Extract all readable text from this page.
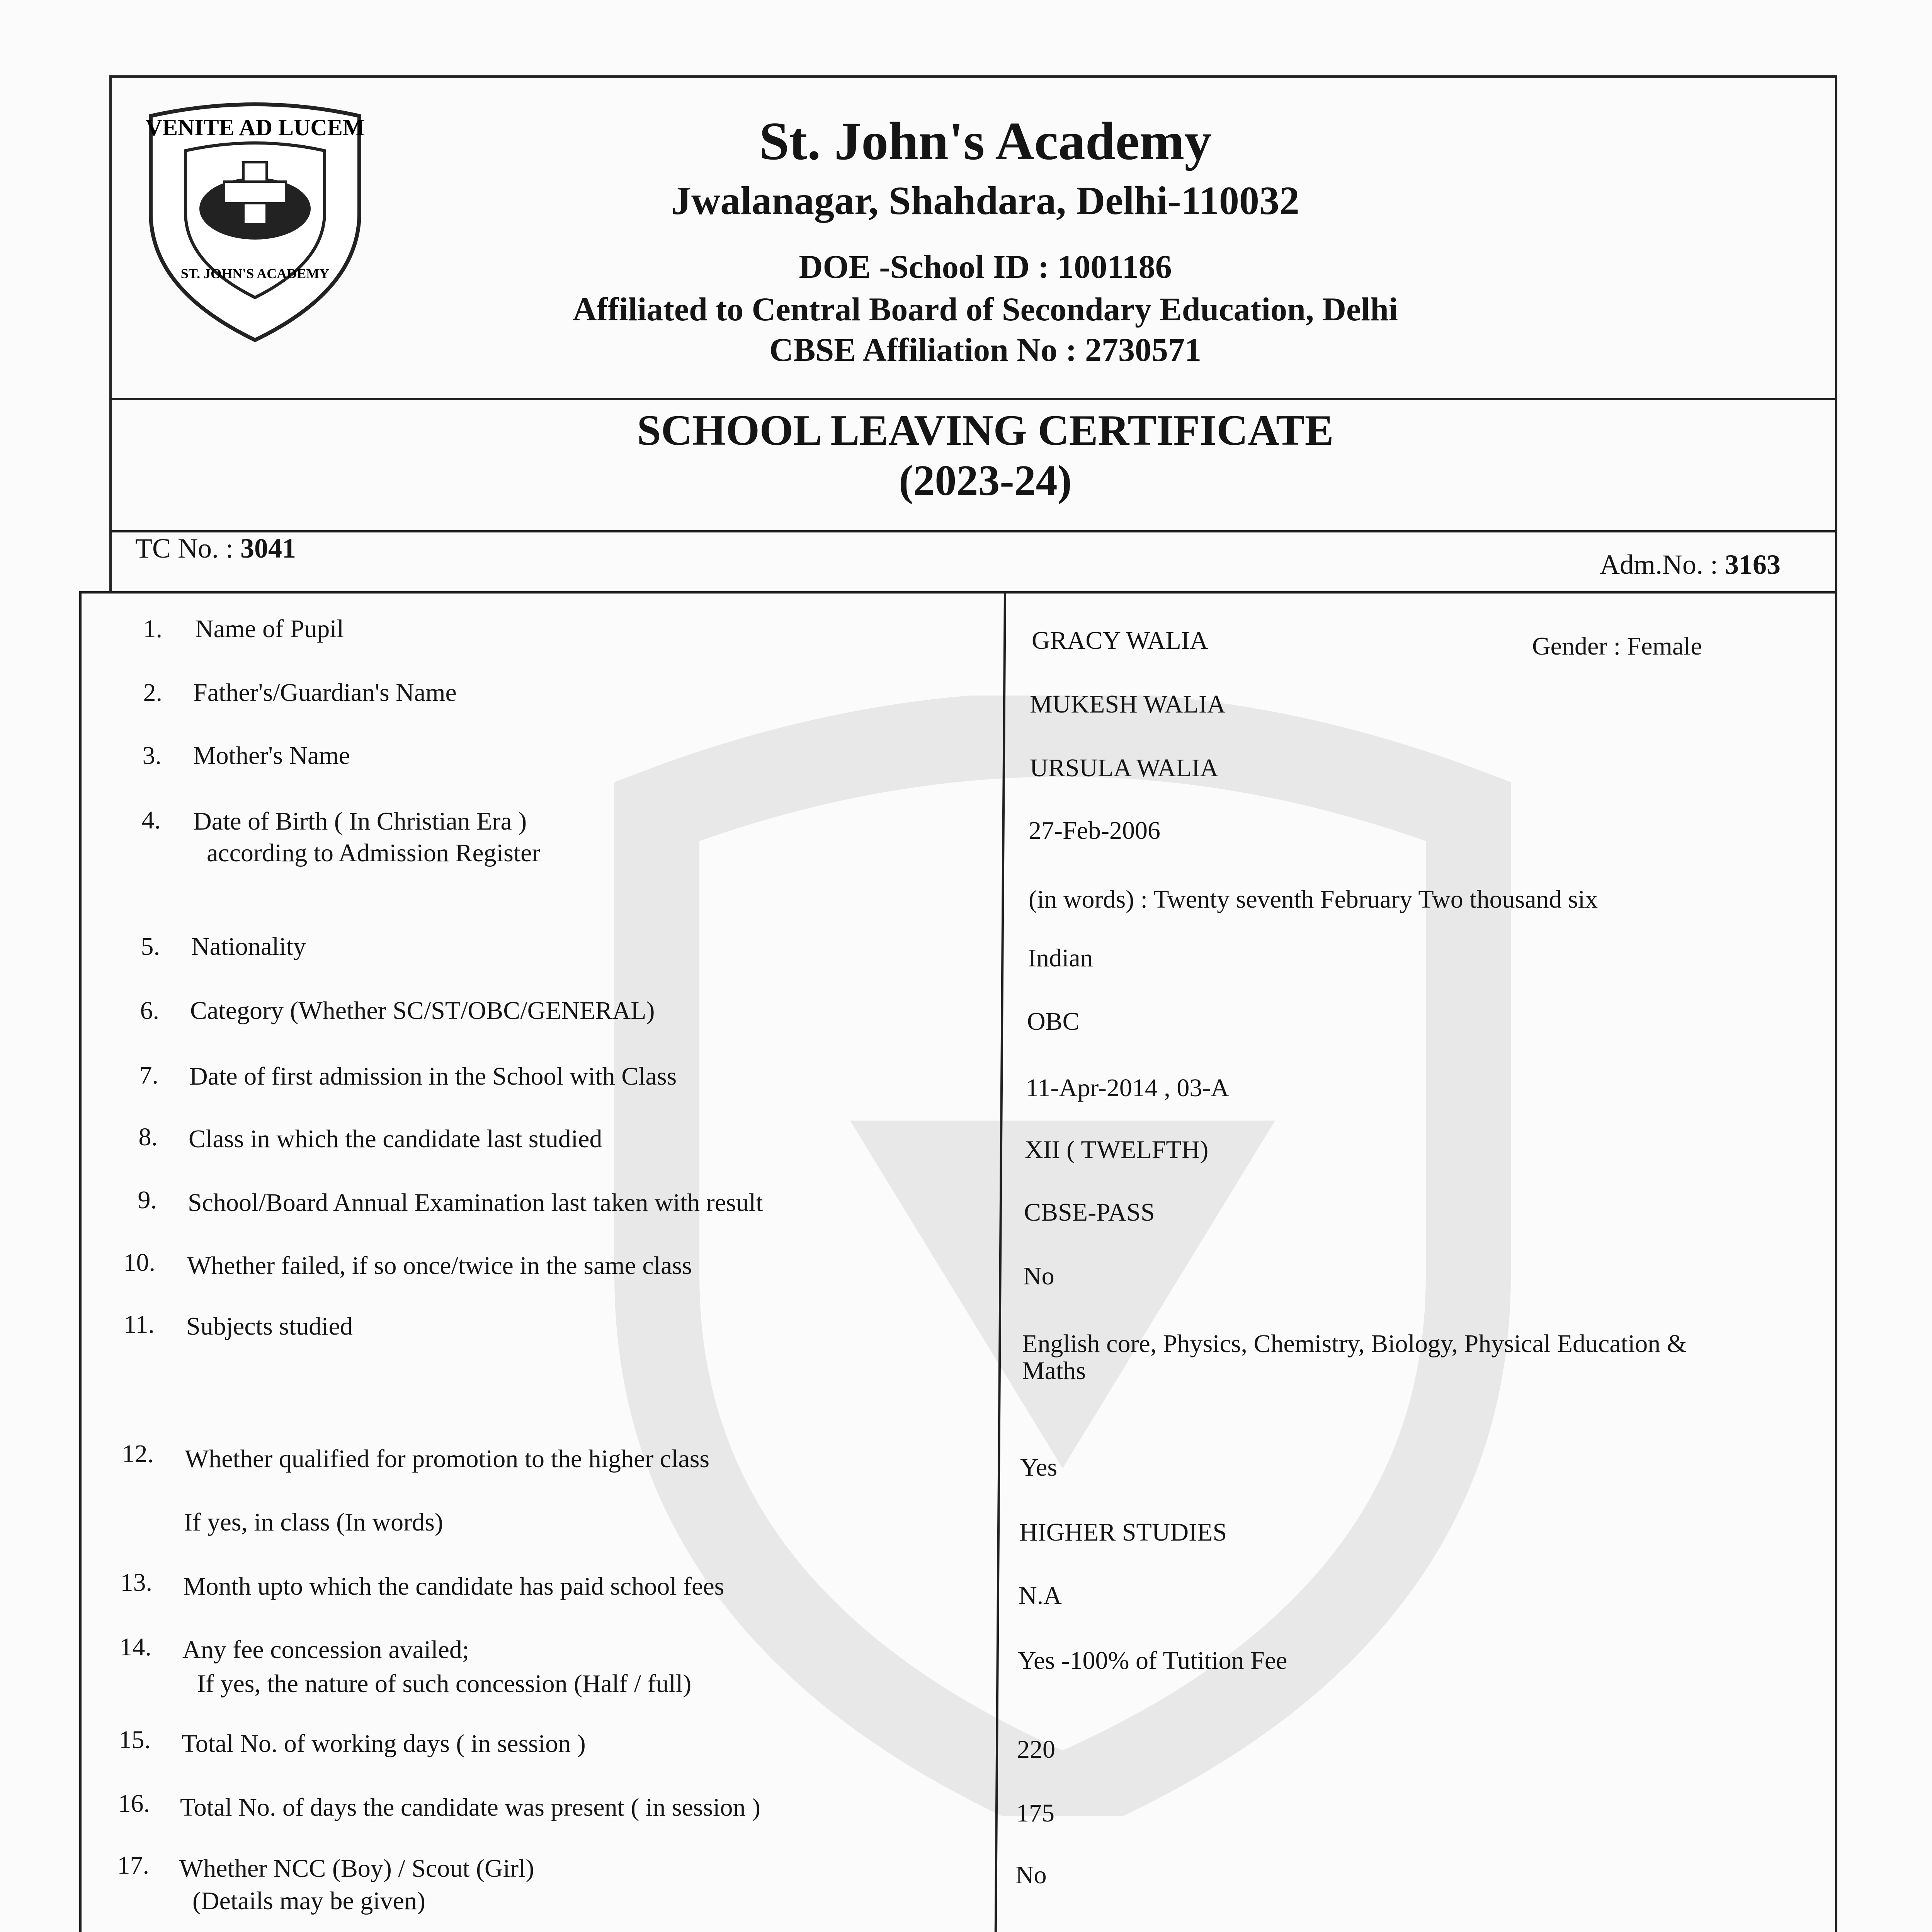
VENITE AD LUCEM
ST. JOHN'S ACADEMY
St. John's Academy
Jwalanagar, Shahdara, Delhi-110032
DOE -School ID : 1001186
Affiliated to Central Board of Secondary Education, Delhi
CBSE Affiliation No : 2730571
SCHOOL LEAVING CERTIFICATE
(2023-24)
TC No. : 3041
Adm.No. : 3163
1. Name of Pupil	GRACY WALIA	Gender : Female
2. Father's/Guardian's Name	MUKESH WALIA
3. Mother's Name	URSULA WALIA
4. Date of Birth ( In Christian Era )
according to Admission Register
27-Feb-2006
(in words) : Twenty seventh February Two thousand six
5. Nationality	Indian
6. Category (Whether SC/ST/OBC/GENERAL)	OBC
7. Date of first admission in the School with Class	11-Apr-2014 , 03-A
8. Class in which the candidate last studied	XII ( TWELFTH)
9. School/Board Annual Examination last taken with result	CBSE-PASS
10. Whether failed, if so once/twice in the same class	No
11. Subjects studied
English core, Physics, Chemistry, Biology, Physical Education &
Maths
12. Whether qualified for promotion to the higher class	Yes
If yes, in class (In words)	HIGHER STUDIES
13. Month upto which the candidate has paid school fees	N.A
14. Any fee concession availed;
If yes, the nature of such concession (Half / full)
Yes -100% of Tutition Fee
15. Total No. of working days ( in session )	220
16. Total No. of days the candidate was present ( in session )	175
17. Whether NCC (Boy) / Scout (Girl)
(Details may be given)
No
